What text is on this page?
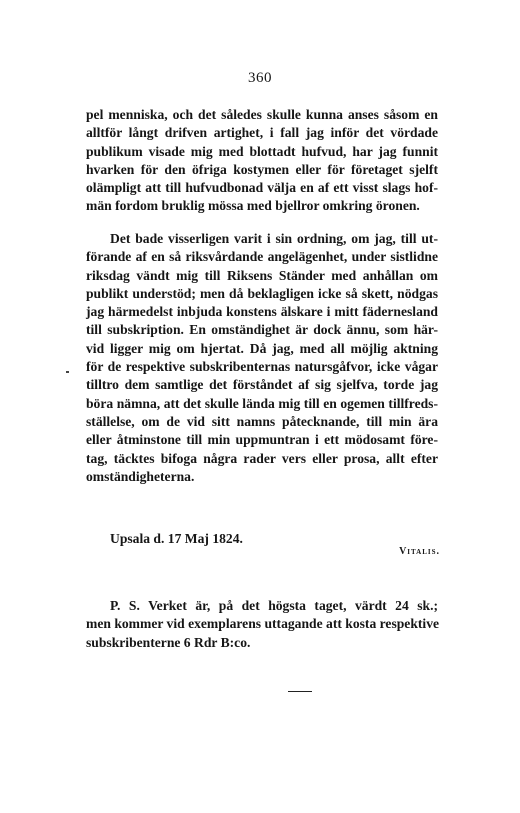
360
pel menniska, och det således skulle kunna anses såsom en
alltför långt drifven artighet, i fall jag inför det vördade
publikum visade mig med blottadt hufvud, har jag funnit
hvarken för den öfriga kostymen eller för företaget sjelft
olämpligt att till hufvudbonad välja en af ett visst slags hof-
män fordom bruklig mössa med bjellror omkring öronen.
Det bade visserligen varit i sin ordning, om jag, till ut-
förande af en så riksvårdande angelägenhet, under sistlidne
riksdag vändt mig till Riksens Ständer med anhållan om
publikt understöd; men då beklagligen icke så skett, nödgas
jag härmedelst inbjuda konstens älskare i mitt fäderneslаnd
till subskription. En omständighet är dock ännu, som här-
vid ligger mig om hjertat. Då jag, med all möjlig aktning
för de respektive subskribenternas natursgåfvor, icke vågar
tilltro dem samtlige det förståndet af sig sjelfva, torde jag
böra nämna, att det skulle lända mig till en ogemen tillfreds-
ställelse, om de vid sitt namns påtecknande, till min ära
eller åtminstone till min uppmuntran i ett mödosamt före-
tag, täcktes bifoga några rader vers eller prosa, allt efter
omständigheterna.
Upsala d. 17 Maj 1824.
Vitalis.
P. S. Verket är, på det högsta taget, värdt 24 sk.;
men kommer vid exemplarens uttagande att kosta respektive
subskribenterne 6 Rdr B:co.
